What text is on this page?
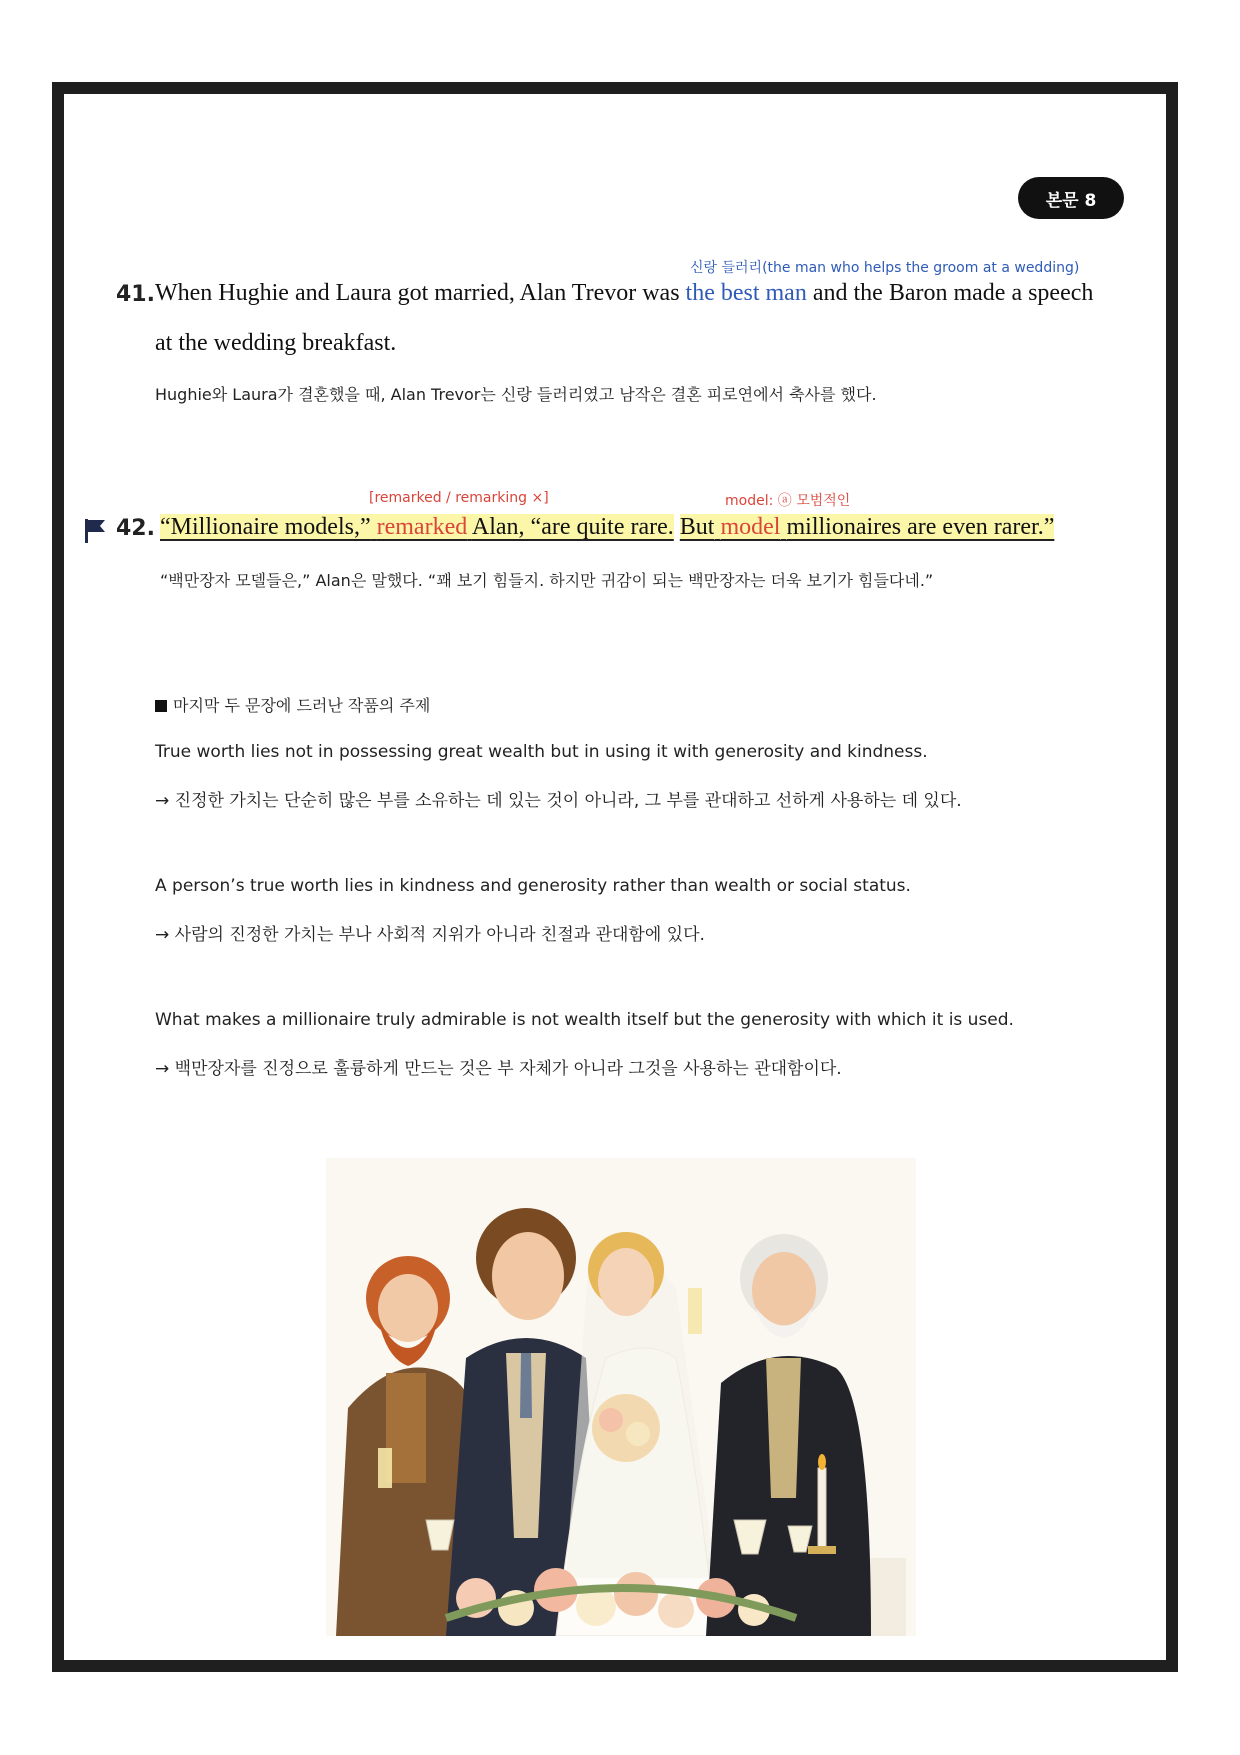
본문 8
신랑 들러리(the man who helps the groom at a wedding)
41. When Hughie and Laura got married, Alan Trevor was the best man and the Baron made a speech
at the wedding breakfast.
Hughie와 Laura가 결혼했을 때, Alan Trevor는 신랑 들러리였고 남작은 결혼 피로연에서 축사를 했다.
[remarked / remarking ×]	model: ⓐ 모범적인
42. “Millionaire models,” remarked Alan, “are quite rare. But model millionaires are even rarer.”
“백만장자 모델들은,” Alan은 말했다. “꽤 보기 힘들지. 하지만 귀감이 되는 백만장자는 더욱 보기가 힘들다네.”
마지막 두 문장에 드러난 작품의 주제
True worth lies not in possessing great wealth but in using it with generosity and kindness.
→ 진정한 가치는 단순히 많은 부를 소유하는 데 있는 것이 아니라, 그 부를 관대하고 선하게 사용하는 데 있다.
A person’s true worth lies in kindness and generosity rather than wealth or social status.
→ 사람의 진정한 가치는 부나 사회적 지위가 아니라 친절과 관대함에 있다.
What makes a millionaire truly admirable is not wealth itself but the generosity with which it is used.
→ 백만장자를 진정으로 훌륭하게 만드는 것은 부 자체가 아니라 그것을 사용하는 관대함이다.
